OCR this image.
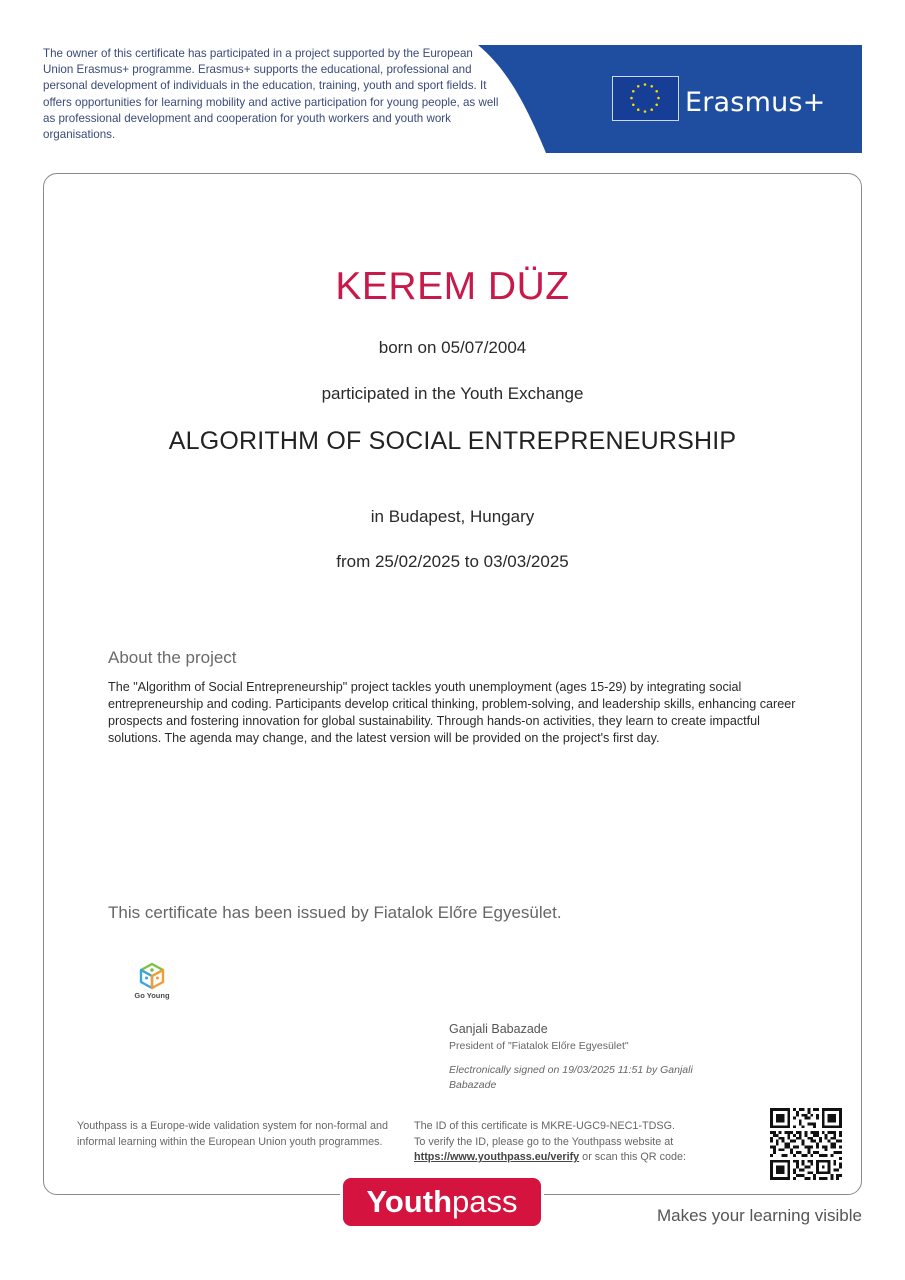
The owner of this certificate has participated in a project supported by the European Union Erasmus+ programme. Erasmus+ supports the educational, professional and personal development of individuals in the education, training, youth and sport fields. It offers opportunities for learning mobility and active participation for young people, as well as professional development and cooperation for youth workers and youth work organisations.
Erasmus+
KEREM DÜZ
born on 05/07/2004
participated in the Youth Exchange
ALGORITHM OF SOCIAL ENTREPRENEURSHIP
in Budapest, Hungary
from 25/02/2025 to 03/03/2025
About the project
The "Algorithm of Social Entrepreneurship" project tackles youth unemployment (ages 15-29) by integrating social entrepreneurship and coding. Participants develop critical thinking, problem-solving, and leadership skills, enhancing career prospects and fostering innovation for global sustainability. Through hands-on activities, they learn to create impactful solutions. The agenda may change, and the latest version will be provided on the project's first day.
This certificate has been issued by Fiatalok Előre Egyesület.
Go Young
Ganjali Babazade
President of "Fiatalok Előre Egyesület"
Electronically signed on 19/03/2025 11:51 by Ganjali Babazade
Youthpass is a Europe-wide validation system for non-formal and informal learning within the European Union youth programmes.
The ID of this certificate is MKRE-UGC9-NEC1-TDSG.
To verify the ID, please go to the Youthpass website at
https://www.youthpass.eu/verify or scan this QR code:
Youthpass	Makes your learning visible
